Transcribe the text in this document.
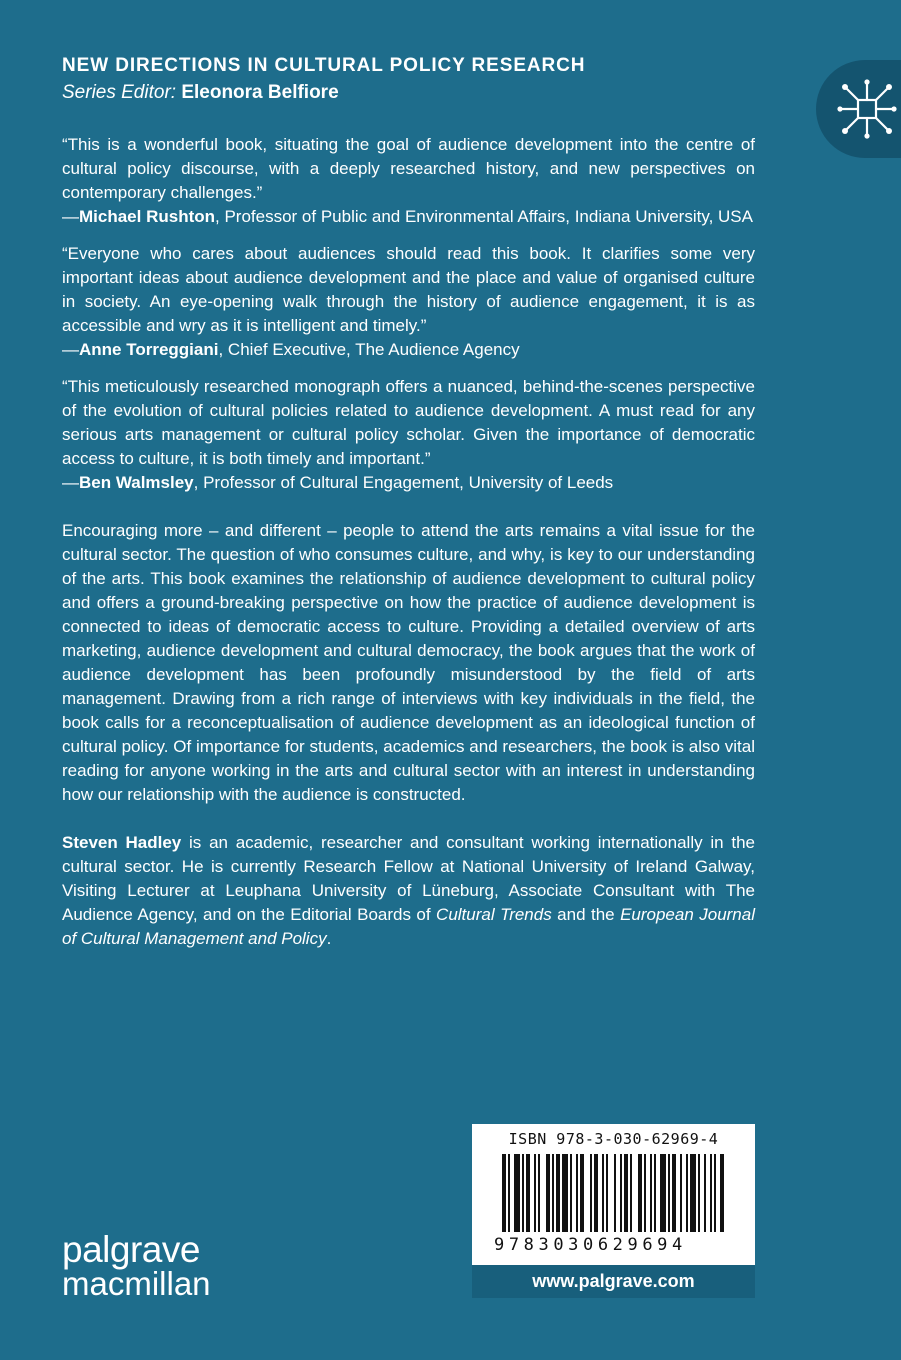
NEW DIRECTIONS IN CULTURAL POLICY RESEARCH
Series Editor: Eleonora Belfiore

“This is a wonderful book, situating the goal of audience development into the centre of cultural policy discourse, with a deeply researched history, and new perspectives on contemporary challenges.”

—Michael Rushton, Professor of Public and Environmental Affairs, Indiana University, USA

“Everyone who cares about audiences should read this book. It clarifies some very important ideas about audience development and the place and value of organised culture in society. An eye-opening walk through the history of audience engagement, it is as accessible and wry as it is intelligent and timely.”

—Anne Torreggiani, Chief Executive, The Audience Agency

“This meticulously researched monograph offers a nuanced, behind-the-scenes perspective of the evolution of cultural policies related to audience development. A must read for any serious arts management or cultural policy scholar. Given the importance of democratic access to culture, it is both timely and important.”

—Ben Walmsley, Professor of Cultural Engagement, University of Leeds

Encouraging more – and different – people to attend the arts remains a vital issue for the cultural sector. The question of who consumes culture, and why, is key to our understanding of the arts. This book examines the relationship of audience development to cultural policy and offers a ground-breaking perspective on how the practice of audience development is connected to ideas of democratic access to culture. Providing a detailed overview of arts marketing, audience development and cultural democracy, the book argues that the work of audience development has been profoundly misunderstood by the field of arts management. Drawing from a rich range of interviews with key individuals in the field, the book calls for a reconceptualisation of audience development as an ideological function of cultural policy. Of importance for students, academics and researchers, the book is also vital reading for anyone working in the arts and cultural sector with an interest in understanding how our relationship with the audience is constructed.

Steven Hadley is an academic, researcher and consultant working internationally in the cultural sector. He is currently Research Fellow at National University of Ireland Galway, Visiting Lecturer at Leuphana University of Lüneburg, Associate Consultant with The Audience Agency, and on the Editorial Boards of Cultural Trends and the European Journal of Cultural Management and Policy.

ISBN 978-3-030-62969-4
9783030629694
www.palgrave.com
palgrave
macmillan
